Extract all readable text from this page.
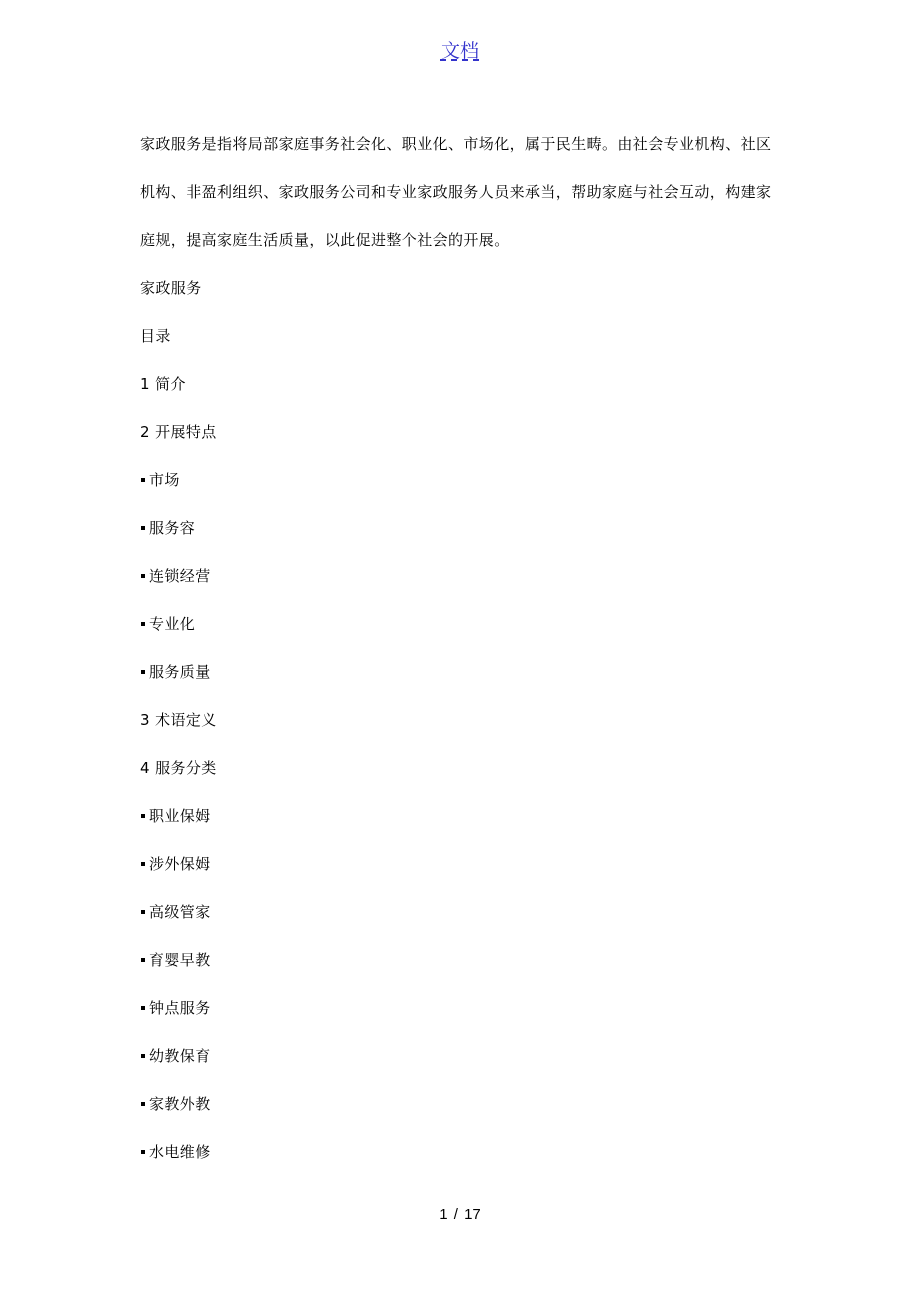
文档

家政服务是指将局部家庭事务社会化、职业化、市场化，属于民生畴。由社会专业机构、社区机构、非盈利组织、家政服务公司和专业家政服务人员来承当，帮助家庭与社会互动，构建家庭规，提高家庭生活质量，以此促进整个社会的开展。

家政服务

目录

1 简介

2 开展特点

市场

服务容

连锁经营

专业化

服务质量

3 术语定义

4 服务分类

职业保姆

涉外保姆

高级管家

育婴早教

钟点服务

幼教保育

家教外教

水电维修

1 / 17
